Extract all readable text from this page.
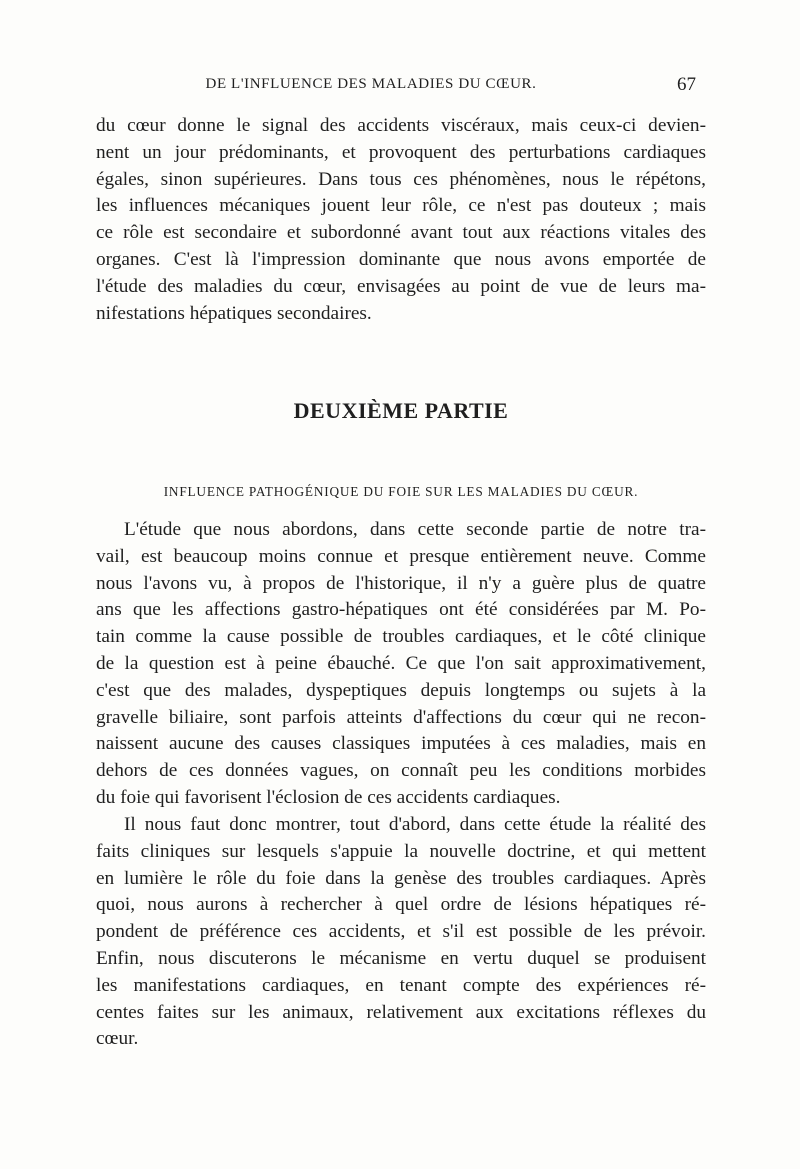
DE L'INFLUENCE DES MALADIES DU CŒUR.	67
du cœur donne le signal des accidents viscéraux, mais ceux-ci devien-
nent un jour prédominants, et provoquent des perturbations cardiaques
égales, sinon supérieures. Dans tous ces phénomènes, nous le répétons,
les influences mécaniques jouent leur rôle, ce n'est pas douteux ; mais
ce rôle est secondaire et subordonné avant tout aux réactions vitales des
organes. C'est là l'impression dominante que nous avons emportée de
l'étude des maladies du cœur, envisagées au point de vue de leurs ma-
nifestations hépatiques secondaires.
DEUXIÈME PARTIE
INFLUENCE PATHOGÉNIQUE DU FOIE SUR LES MALADIES DU CŒUR.
L'étude que nous abordons, dans cette seconde partie de notre tra-
vail, est beaucoup moins connue et presque entièrement neuve. Comme
nous l'avons vu, à propos de l'historique, il n'y a guère plus de quatre
ans que les affections gastro-hépatiques ont été considérées par M. Po-
tain comme la cause possible de troubles cardiaques, et le côté clinique
de la question est à peine ébauché. Ce que l'on sait approximativement,
c'est que des malades, dyspeptiques depuis longtemps ou sujets à la
gravelle biliaire, sont parfois atteints d'affections du cœur qui ne recon-
naissent aucune des causes classiques imputées à ces maladies, mais en
dehors de ces données vagues, on connaît peu les conditions morbides
du foie qui favorisent l'éclosion de ces accidents cardiaques.
Il nous faut donc montrer, tout d'abord, dans cette étude la réalité des
faits cliniques sur lesquels s'appuie la nouvelle doctrine, et qui mettent
en lumière le rôle du foie dans la genèse des troubles cardiaques. Après
quoi, nous aurons à rechercher à quel ordre de lésions hépatiques ré-
pondent de préférence ces accidents, et s'il est possible de les prévoir.
Enfin, nous discuterons le mécanisme en vertu duquel se produisent
les manifestations cardiaques, en tenant compte des expériences ré-
centes faites sur les animaux, relativement aux excitations réflexes du
cœur.
